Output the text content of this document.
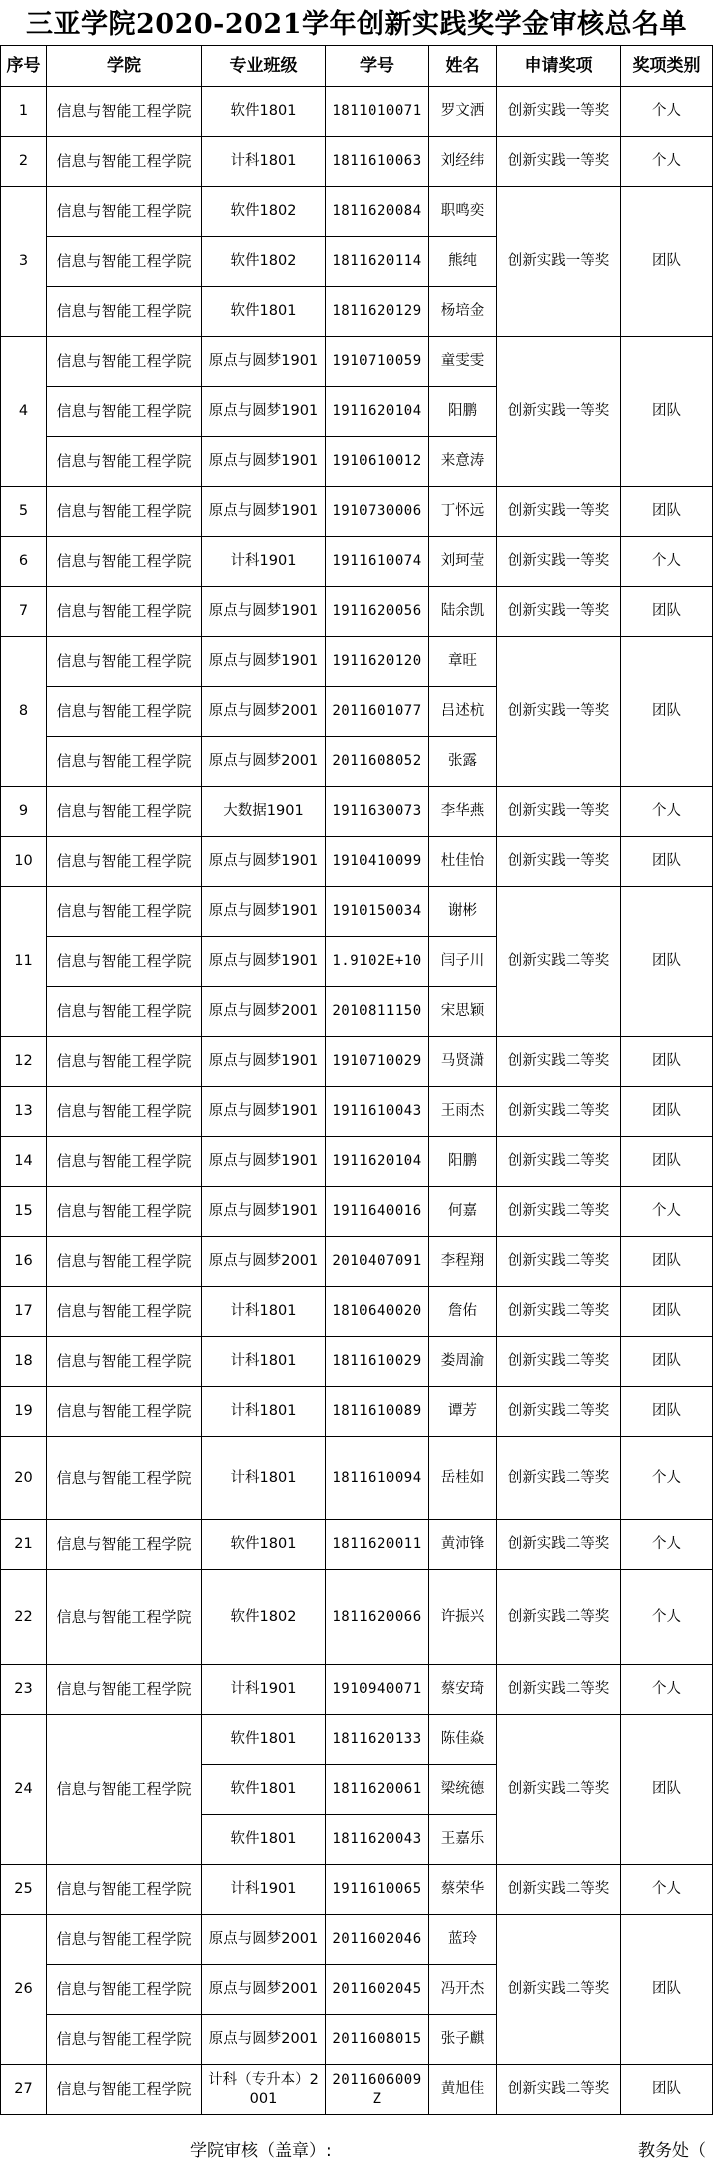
三亚学院2020-2021学年创新实践奖学金审核总名单
序号	学院	专业班级	学号	姓名	申请奖项	奖项类别
1	信息与智能工程学院	软件1801	1811010071	罗文洒	创新实践一等奖	个人
2	信息与智能工程学院	计科1801	1811610063	刘经纬	创新实践一等奖	个人
3	信息与智能工程学院	软件1802	1811620084	职鸣奕	创新实践一等奖	团队
	信息与智能工程学院	软件1802	1811620114	熊纯		
	信息与智能工程学院	软件1801	1811620129	杨培金		
4	信息与智能工程学院	原点与圆梦1901	1910710059	童雯雯	创新实践一等奖	团队
	信息与智能工程学院	原点与圆梦1901	1911620104	阳鹏		
	信息与智能工程学院	原点与圆梦1901	1910610012	来意涛		
5	信息与智能工程学院	原点与圆梦1901	1910730006	丁怀远	创新实践一等奖	团队
6	信息与智能工程学院	计科1901	1911610074	刘珂莹	创新实践一等奖	个人
7	信息与智能工程学院	原点与圆梦1901	1911620056	陆余凯	创新实践一等奖	团队
8	信息与智能工程学院	原点与圆梦1901	1911620120	章旺	创新实践一等奖	团队
	信息与智能工程学院	原点与圆梦2001	2011601077	吕述杭		
	信息与智能工程学院	原点与圆梦2001	2011608052	张露		
9	信息与智能工程学院	大数据1901	1911630073	李华燕	创新实践一等奖	个人
10	信息与智能工程学院	原点与圆梦1901	1910410099	杜佳怡	创新实践一等奖	团队
11	信息与智能工程学院	原点与圆梦1901	1910150034	谢彬	创新实践二等奖	团队
	信息与智能工程学院	原点与圆梦1901	1.9102E+10	闫子川		
	信息与智能工程学院	原点与圆梦2001	2010811150	宋思颖		
12	信息与智能工程学院	原点与圆梦1901	1910710029	马贤潇	创新实践二等奖	团队
13	信息与智能工程学院	原点与圆梦1901	1911610043	王雨杰	创新实践二等奖	团队
14	信息与智能工程学院	原点与圆梦1901	1911620104	阳鹏	创新实践二等奖	团队
15	信息与智能工程学院	原点与圆梦1901	1911640016	何嘉	创新实践二等奖	个人
16	信息与智能工程学院	原点与圆梦2001	2010407091	李程翔	创新实践二等奖	团队
17	信息与智能工程学院	计科1801	1810640020	詹佑	创新实践二等奖	团队
18	信息与智能工程学院	计科1801	1811610029	娄周渝	创新实践二等奖	团队
19	信息与智能工程学院	计科1801	1811610089	谭芳	创新实践二等奖	团队
20	信息与智能工程学院	计科1801	1811610094	岳桂如	创新实践二等奖	个人
21	信息与智能工程学院	软件1801	1811620011	黄沛锋	创新实践二等奖	个人
22	信息与智能工程学院	软件1802	1811620066	许振兴	创新实践二等奖	个人
23	信息与智能工程学院	计科1901	1910940071	蔡安琦	创新实践二等奖	个人
24	信息与智能工程学院	软件1801	1811620133	陈佳焱	创新实践二等奖	团队
		软件1801	1811620061	梁统德		
		软件1801	1811620043	王嘉乐		
25	信息与智能工程学院	计科1901	1911610065	蔡荣华	创新实践二等奖	个人
26	信息与智能工程学院	原点与圆梦2001	2011602046	蓝玲	创新实践二等奖	团队
	信息与智能工程学院	原点与圆梦2001	2011602045	冯开杰		
	信息与智能工程学院	原点与圆梦2001	2011608015	张子麒		
27	信息与智能工程学院	计科（专升本）2001	2011606009Z	黄旭佳	创新实践二等奖	团队
学院审核（盖章）:	教务处（
